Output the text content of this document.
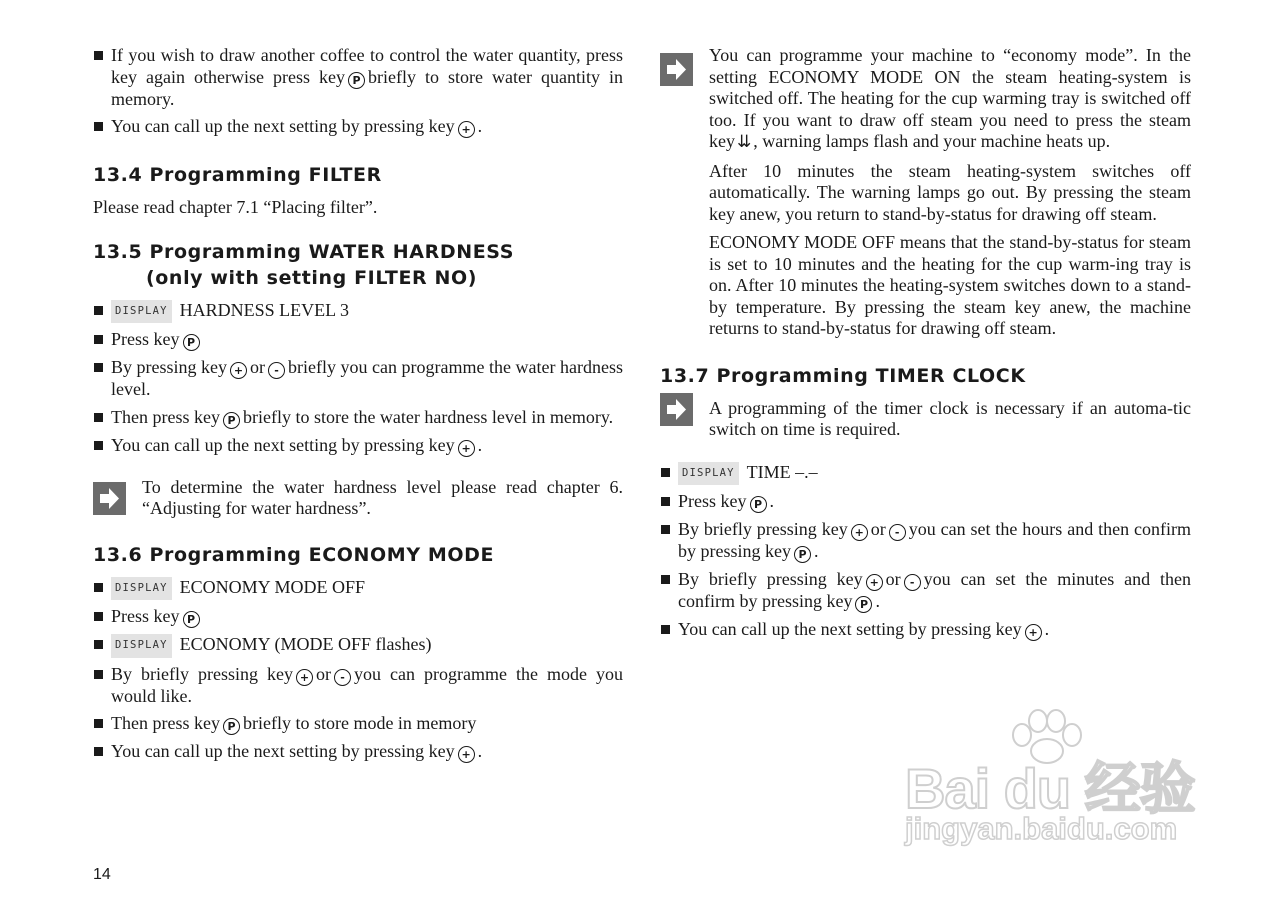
If you wish to draw another coffee to control the water quantity, press key again otherwise press key P briefly to store water quantity in memory.

You can call up the next setting by pressing key + .

13.4 Programming FILTER

Please read chapter 7.1 “Placing filter”.

13.5 Programming WATER HARDNESS
(only with setting FILTER NO)

DISPLAY HARDNESS LEVEL 3

Press key P

By pressing key + or - briefly you can programme the water hardness level.

Then press key P briefly to store the water hardness level in memory.

You can call up the next setting by pressing key + .

To determine the water hardness level please read chapter 6. “Adjusting for water hardness”.

13.6 Programming ECONOMY MODE

DISPLAY ECONOMY MODE OFF

Press key P

DISPLAY ECONOMY (MODE OFF flashes)

By briefly pressing key + or - you can programme the mode you would like.

Then press key P briefly to store mode in memory

You can call up the next setting by pressing key + .

You can programme your machine to “economy mode”. In the setting ECONOMY MODE ON the steam heating-system is switched off. The heating for the cup warming tray is switched off too. If you want to draw off steam you need to press the steam key ⇊ , warning lamps flash and your machine heats up.

After 10 minutes the steam heating-system switches off automatically. The warning lamps go out. By pressing the steam key anew, you return to stand-by-status for drawing off steam.

ECONOMY MODE OFF means that the stand-by-status for steam is set to 10 minutes and the heating for the cup warm-ing tray is on. After 10 minutes the heating-system switches down to a stand-by temperature. By pressing the steam key anew, the machine returns to stand-by-status for drawing off steam.

13.7 Programming TIMER CLOCK

A programming of the timer clock is necessary if an automa-tic switch on time is required.

DISPLAY TIME –.–

Press key P .

By briefly pressing key + or - you can set the hours and then confirm by pressing key P .

By briefly pressing key + or - you can set the minutes and then confirm by pressing key P .

You can call up the next setting by pressing key + .

14
Bai du 经验
jingyan.baidu.com
